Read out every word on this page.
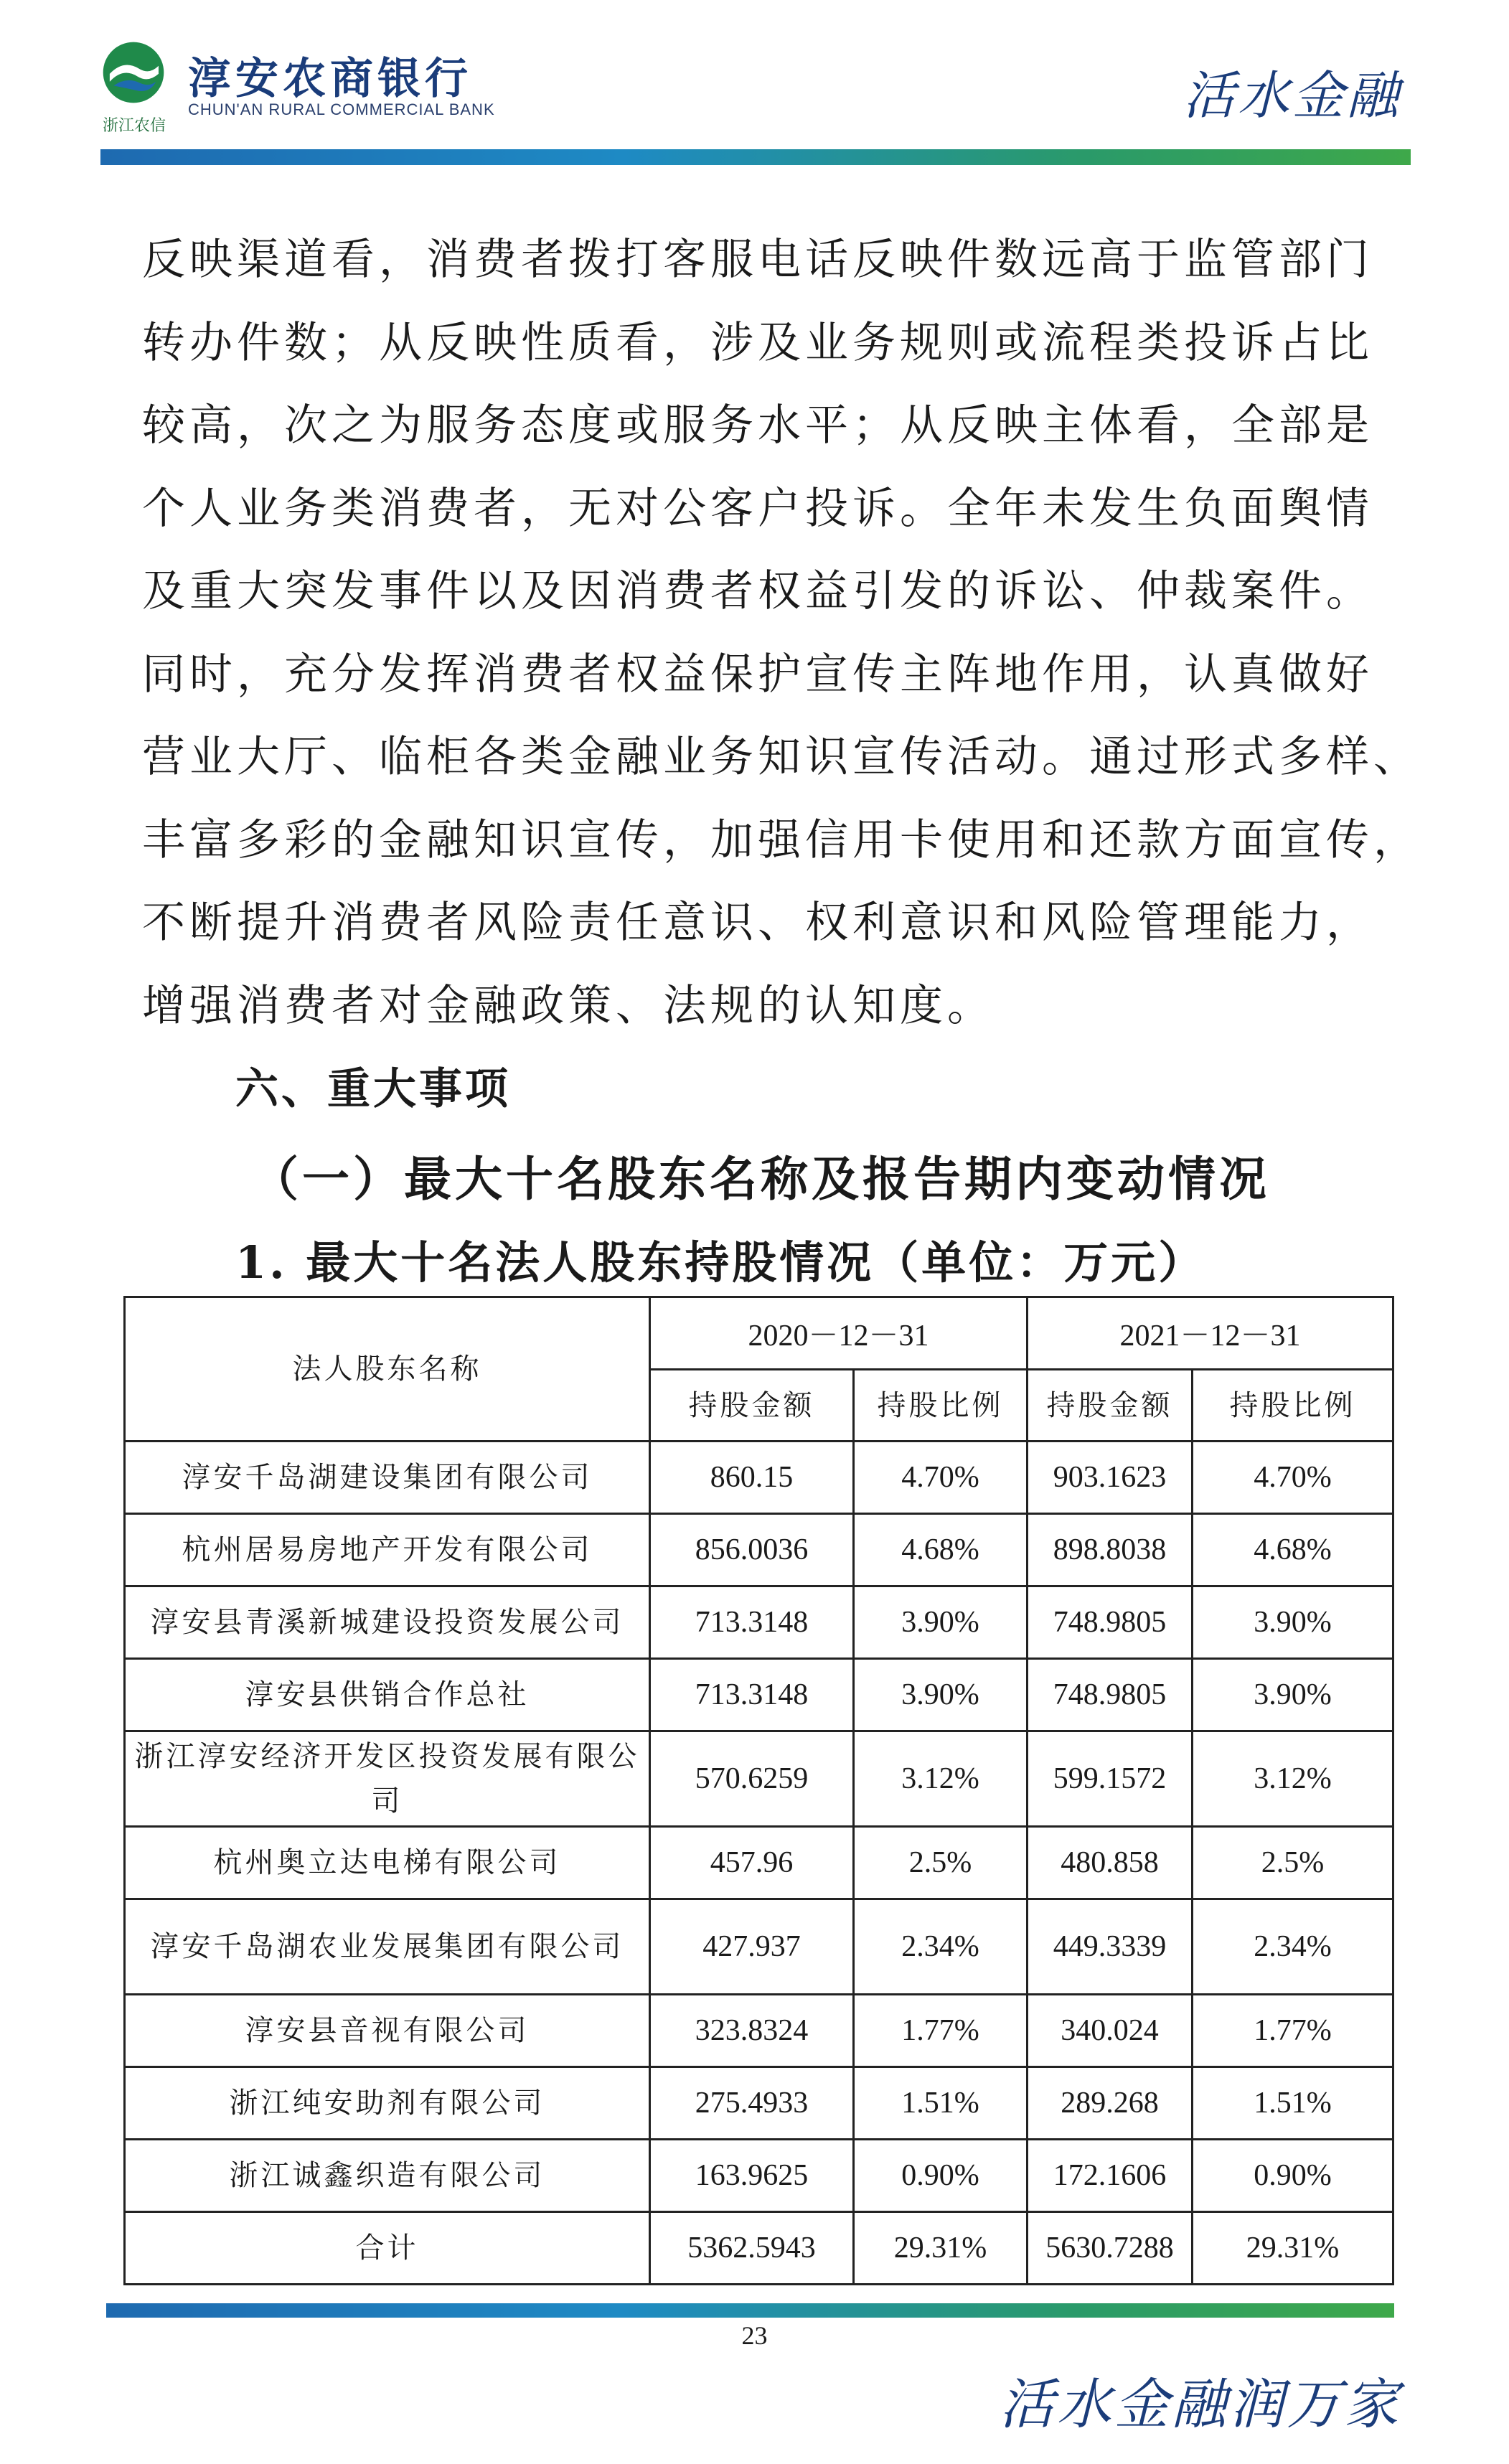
浙江农信
淳安农商银行
CHUN'AN RURAL COMMERCIAL BANK	活水金融
反映渠道看，消费者拨打客服电话反映件数远高于监管部门
转办件数；从反映性质看，涉及业务规则或流程类投诉占比
较高，次之为服务态度或服务水平；从反映主体看，全部是
个人业务类消费者，无对公客户投诉。全年未发生负面舆情
及重大突发事件以及因消费者权益引发的诉讼、仲裁案件。
同时，充分发挥消费者权益保护宣传主阵地作用，认真做好
营业大厅、临柜各类金融业务知识宣传活动。通过形式多样、
丰富多彩的金融知识宣传，加强信用卡使用和还款方面宣传，
不断提升消费者风险责任意识、权利意识和风险管理能力，
增强消费者对金融政策、法规的认知度。
六、重大事项
（一）最大十名股东名称及报告期内变动情况
1. 最大十名法人股东持股情况（单位：万元）
法人股东名称	2020－12－31		2021－12－31	
	持股金额	持股比例	持股金额	持股比例
淳安千岛湖建设集团有限公司	860.15	4.70%	903.1623	4.70%
杭州居易房地产开发有限公司	856.0036	4.68%	898.8038	4.68%
淳安县青溪新城建设投资发展公司	713.3148	3.90%	748.9805	3.90%
淳安县供销合作总社	713.3148	3.90%	748.9805	3.90%
浙江淳安经济开发区投资发展有限公司	570.6259	3.12%	599.1572	3.12%
杭州奥立达电梯有限公司	457.96	2.5%	480.858	2.5%
淳安千岛湖农业发展集团有限公司	427.937	2.34%	449.3339	2.34%
淳安县音视有限公司	323.8324	1.77%	340.024	1.77%
浙江纯安助剂有限公司	275.4933	1.51%	289.268	1.51%
浙江诚鑫织造有限公司	163.9625	0.90%	172.1606	0.90%
合计	5362.5943	29.31%	5630.7288	29.31%
23
活水金融润万家
